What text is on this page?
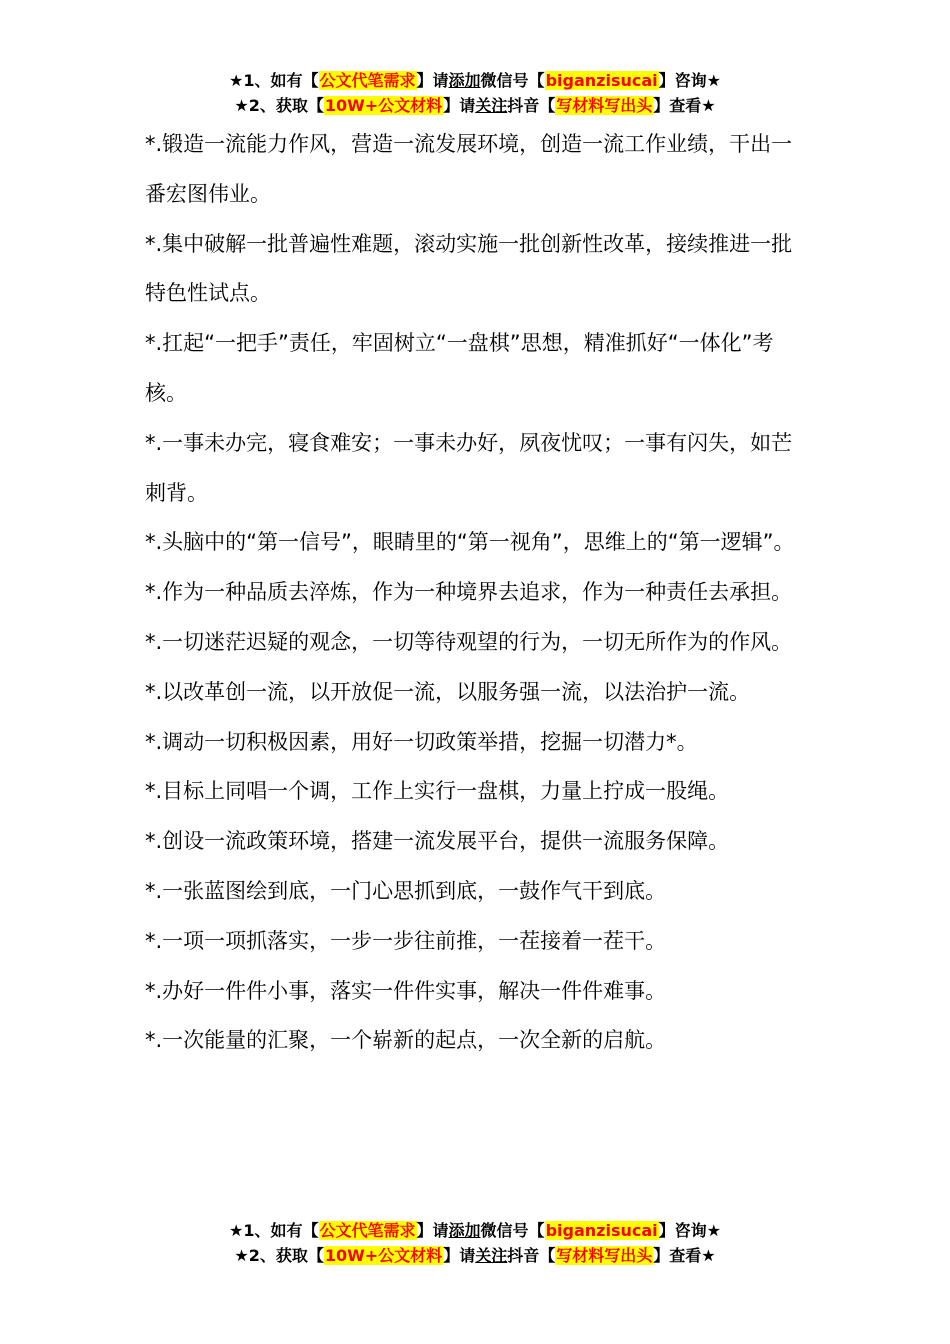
★1、如有【公文代笔需求】请添加微信号【biganzisucai】咨询★
★2、获取【10W+公文材料】请关注抖音【写材料写出头】查看★

*.锻造一流能力作风，营造一流发展环境，创造一流工作业绩，干出一番宏图伟业。

*.集中破解一批普遍性难题，滚动实施一批创新性改革，接续推进一批特色性试点。

*.扛起“一把手”责任，牢固树立“一盘棋”思想，精准抓好“一体化”考核。

*.一事未办完，寝食难安；一事未办好，夙夜忧叹；一事有闪失，如芒刺背。

*.头脑中的“第一信号”，眼睛里的“第一视角”，思维上的“第一逻辑”。

*.作为一种品质去淬炼，作为一种境界去追求，作为一种责任去承担。

*.一切迷茫迟疑的观念，一切等待观望的行为，一切无所作为的作风。

*.以改革创一流，以开放促一流，以服务强一流，以法治护一流。

*.调动一切积极因素，用好一切政策举措，挖掘一切潜力*。

*.目标上同唱一个调，工作上实行一盘棋，力量上拧成一股绳。

*.创设一流政策环境，搭建一流发展平台，提供一流服务保障。

*.一张蓝图绘到底，一门心思抓到底，一鼓作气干到底。

*.一项一项抓落实，一步一步往前推，一茬接着一茬干。

*.办好一件件小事，落实一件件实事，解决一件件难事。

*.一次能量的汇聚，一个崭新的起点，一次全新的启航。

★1、如有【公文代笔需求】请添加微信号【biganzisucai】咨询★
★2、获取【10W+公文材料】请关注抖音【写材料写出头】查看★
